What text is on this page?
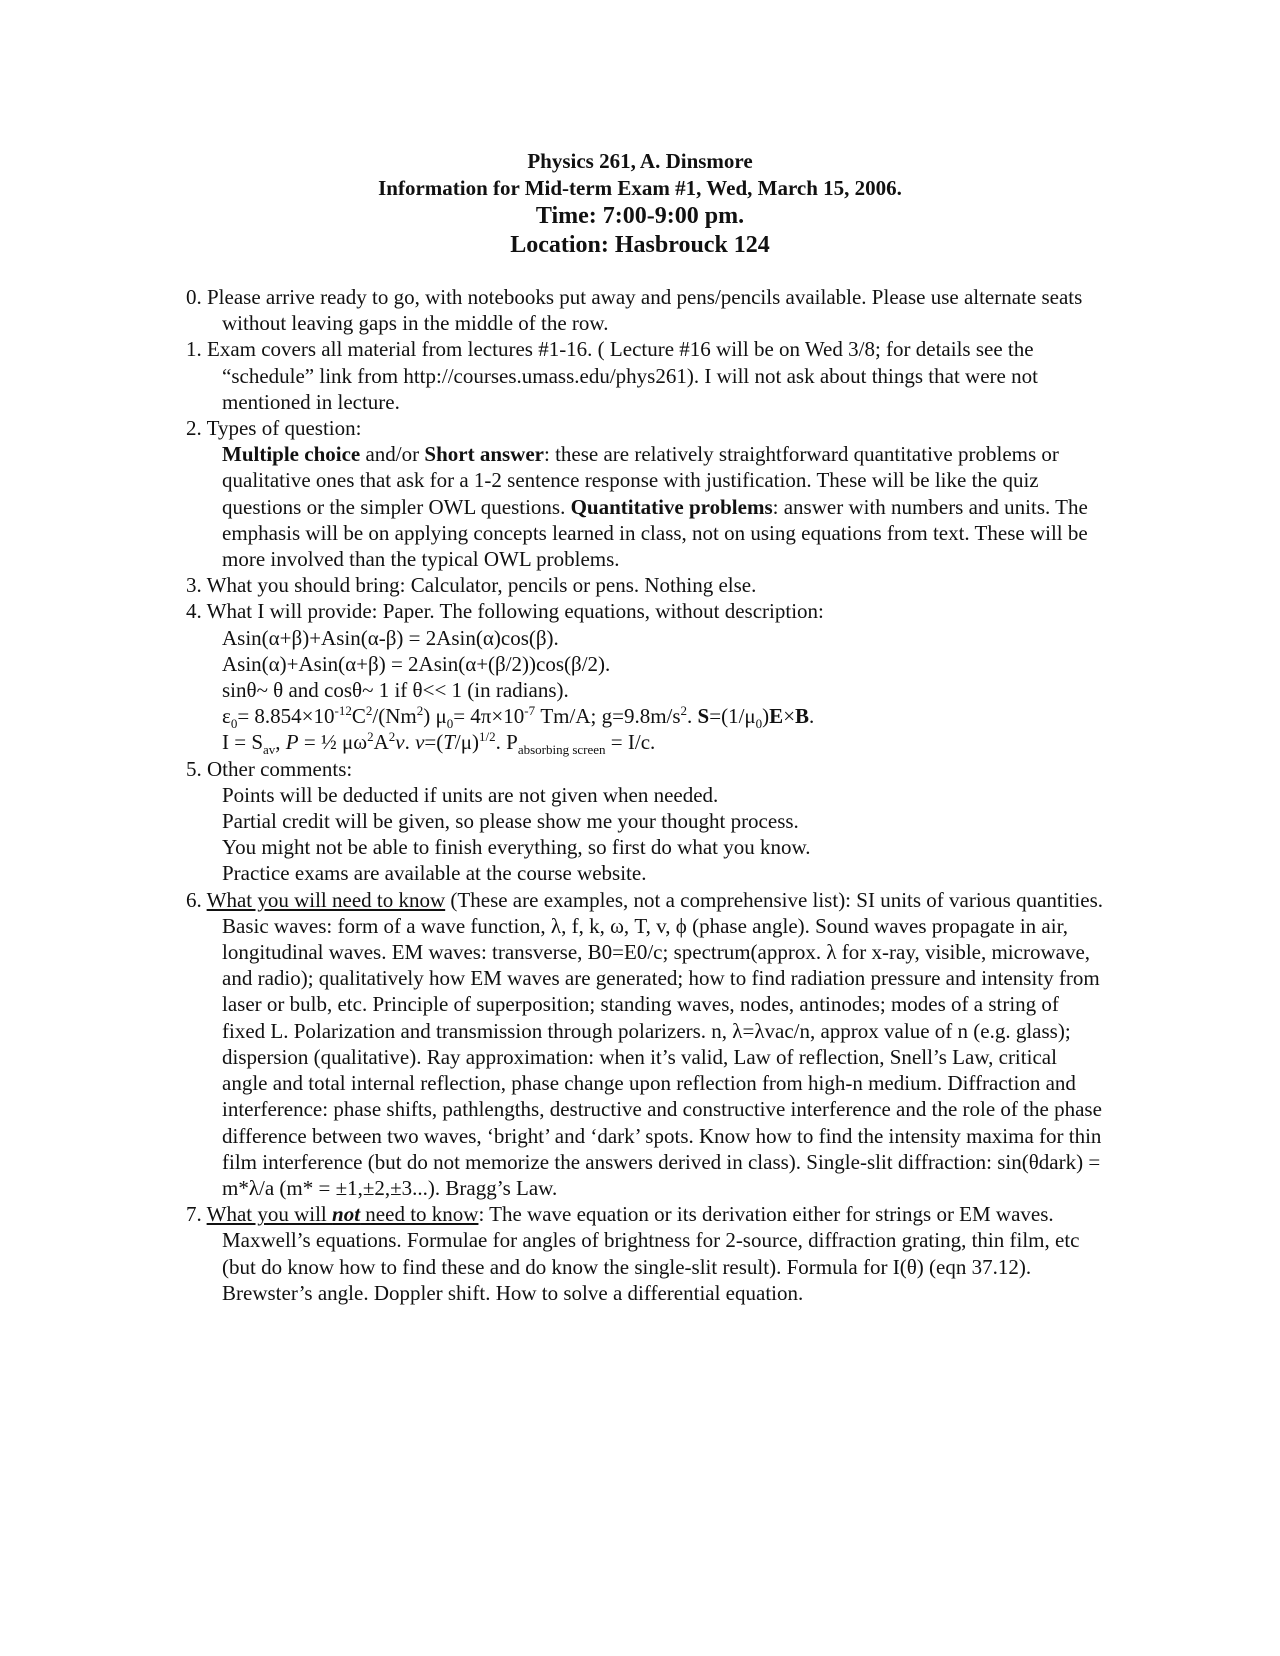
Physics 261, A. Dinsmore
Information for Mid-term Exam #1, Wed, March 15, 2006.
Time: 7:00-9:00 pm.
Location: Hasbrouck 124
0. Please arrive ready to go, with notebooks put away and pens/pencils available. Please use alternate seats without leaving gaps in the middle of the row.
1. Exam covers all material from lectures #1-16. ( Lecture #16 will be on Wed 3/8; for details see the “schedule” link from http://courses.umass.edu/phys261). I will not ask about things that were not mentioned in lecture.
2. Types of question:
Multiple choice and/or Short answer: these are relatively straightforward quantitative problems or qualitative ones that ask for a 1-2 sentence response with justification. These will be like the quiz questions or the simpler OWL questions. Quantitative problems: answer with numbers and units. The emphasis will be on applying concepts learned in class, not on using equations from text. These will be more involved than the typical OWL problems.
3. What you should bring: Calculator, pencils or pens. Nothing else.
4. What I will provide: Paper. The following equations, without description:
Asin(α+β)+Asin(α-β) = 2Asin(α)cos(β).
Asin(α)+Asin(α+β) = 2Asin(α+(β/2))cos(β/2).
sinθ~ θ and cosθ~ 1 if θ<< 1 (in radians).
$\varepsilon_0= 8.854\times 10^{-12}C^2/(Nm^2)$ $\mu_0= 4\pi\times 10^{-7}$ Tm/A; $g=9.8m/s^2$. $S=(1/\mu_0)E\times B$.
$I = S_{av}$, P = ½ $\mu\omega^2A^2v$. $v=(T/\mu)^{1/2}$. $P_{absorbing screen} = I/c$.
5. Other comments:
Points will be deducted if units are not given when needed.
Partial credit will be given, so please show me your thought process.
You might not be able to finish everything, so first do what you know.
Practice exams are available at the course website.
6. What you will need to know (These are examples, not a comprehensive list): SI units of various quantities. Basic waves: form of a wave function, λ, f, k, ω, T, v, ϕ (phase angle). Sound waves propagate in air, longitudinal waves. EM waves: transverse, B0=E0/c; spectrum(approx. λ for x-ray, visible, microwave, and radio); qualitatively how EM waves are generated; how to find radiation pressure and intensity from laser or bulb, etc. Principle of superposition; standing waves, nodes, antinodes; modes of a string of fixed L. Polarization and transmission through polarizers. n, λ=λvac/n, approx value of n (e.g. glass); dispersion (qualitative). Ray approximation: when it’s valid, Law of reflection, Snell’s Law, critical angle and total internal reflection, phase change upon reflection from high-n medium. Diffraction and interference: phase shifts, pathlengths, destructive and constructive interference and the role of the phase difference between two waves, ‘bright’ and ‘dark’ spots. Know how to find the intensity maxima for thin film interference (but do not memorize the answers derived in class). Single-slit diffraction: sin(θdark) = m*λ/a (m* = ±1,±2,±3...). Bragg’s Law.
7. What you will not need to know: The wave equation or its derivation either for strings or EM waves. Maxwell’s equations. Formulae for angles of brightness for 2-source, diffraction grating, thin film, etc (but do know how to find these and do know the single-slit result). Formula for I(θ) (eqn 37.12). Brewster’s angle. Doppler shift. How to solve a differential equation.
